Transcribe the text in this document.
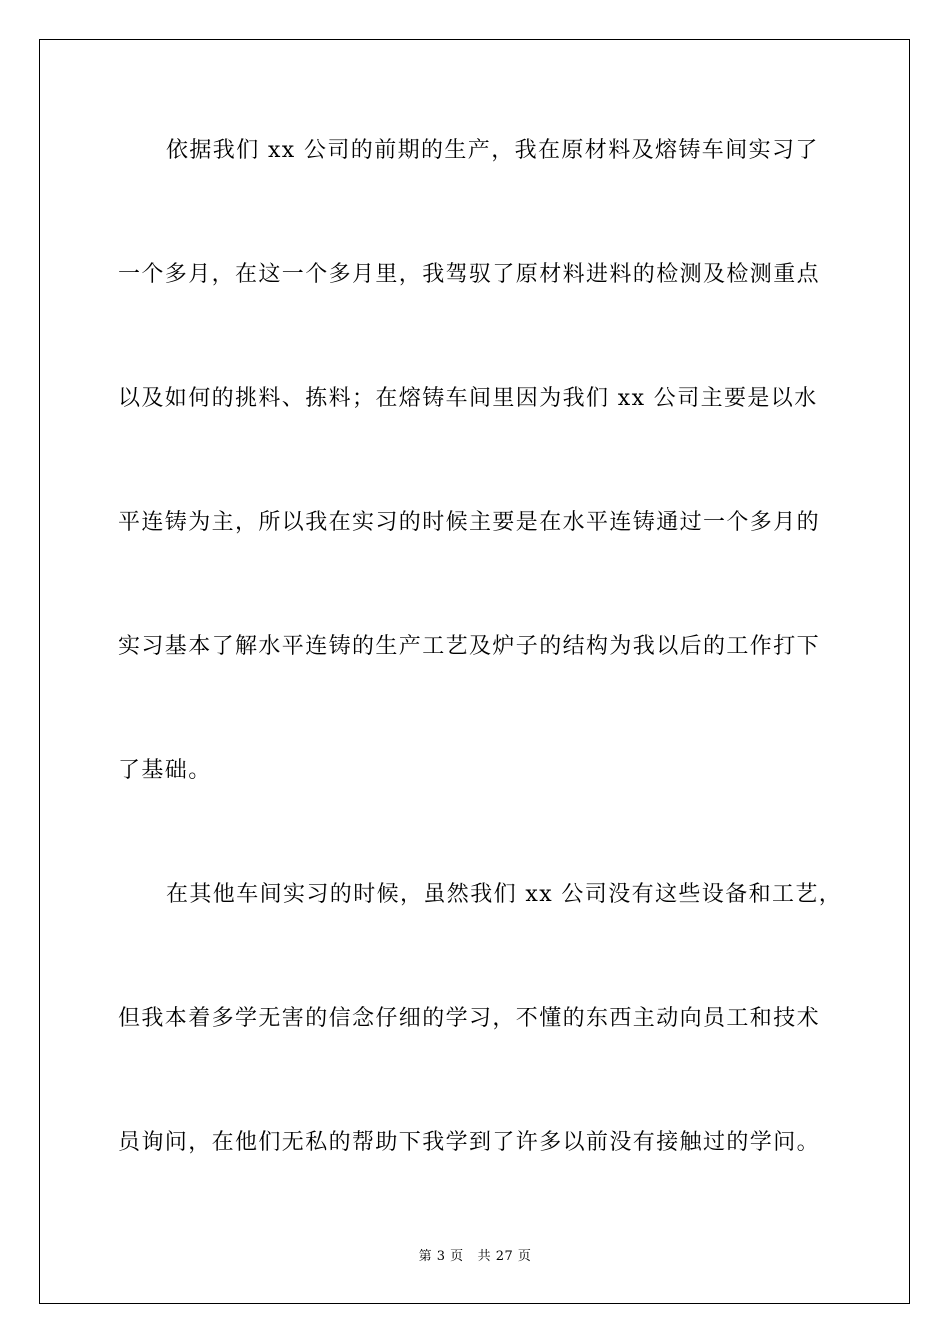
依据我们 xx 公司的前期的生产，我在原材料及熔铸车间实习了
一个多月，在这一个多月里，我驾驭了原材料进料的检测及检测重点
以及如何的挑料、拣料；在熔铸车间里因为我们 xx 公司主要是以水
平连铸为主，所以我在实习的时候主要是在水平连铸通过一个多月的
实习基本了解水平连铸的生产工艺及炉子的结构为我以后的工作打下
了基础。
在其他车间实习的时候，虽然我们 xx 公司没有这些设备和工艺，
但我本着多学无害的信念仔细的学习，不懂的东西主动向员工和技术
员询问，在他们无私的帮助下我学到了许多以前没有接触过的学问。
第 3 页 共 27 页
